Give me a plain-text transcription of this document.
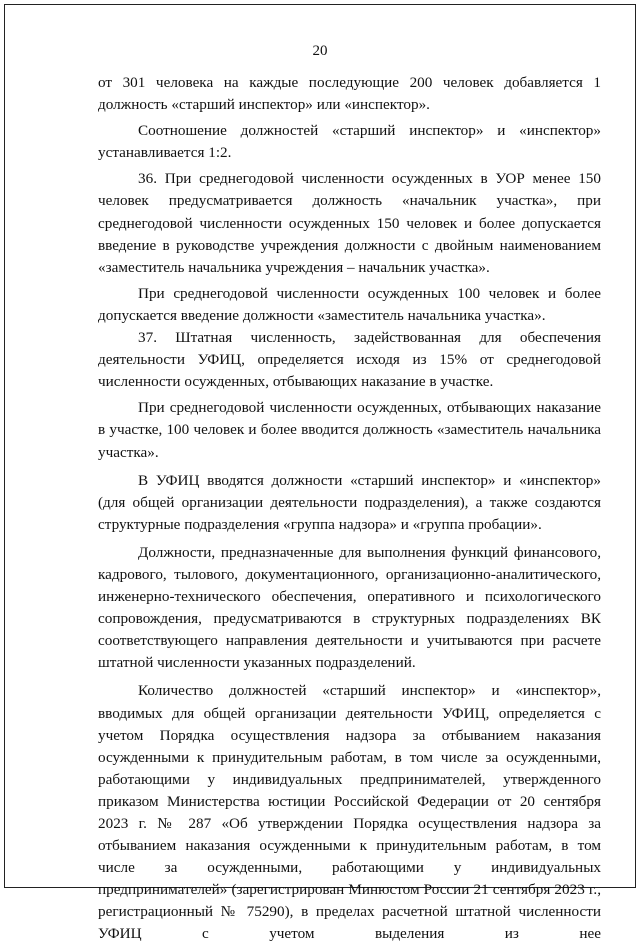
20

от 301 человека на каждые последующие 200 человек добавляется 1 должность «старший инспектор» или «инспектор».

Соотношение должностей «старший инспектор» и «инспектор» устанавливается 1:2.

36. При среднегодовой численности осужденных в УОР менее 150 человек предусматривается должность «начальник участка», при среднегодовой численности осужденных 150 человек и более допускается введение в руководстве учреждения должности с двойным наименованием «заместитель начальника учреждения – начальник участка».

При среднегодовой численности осужденных 100 человек и более допускается введение должности «заместитель начальника участка».

37. Штатная численность, задействованная для обеспечения деятельности УФИЦ, определяется исходя из 15% от среднегодовой численности осужденных, отбывающих наказание в участке.

При среднегодовой численности осужденных, отбывающих наказание в участке, 100 человек и более вводится должность «заместитель начальника участка».

В УФИЦ вводятся должности «старший инспектор» и «инспектор» (для общей организации деятельности подразделения), а также создаются структурные подразделения «группа надзора» и «группа пробации».

Должности, предназначенные для выполнения функций финансового, кадрового, тылового, документационного, организационно-аналитического, инженерно-технического обеспечения, оперативного и психологического сопровождения, предусматриваются в структурных подразделениях ВК соответствующего направления деятельности и учитываются при расчете штатной численности указанных подразделений.

Количество должностей «старший инспектор» и «инспектор», вводимых для общей организации деятельности УФИЦ, определяется с учетом Порядка осуществления надзора за отбыванием наказания осужденными к принудительным работам, в том числе за осужденными, работающими у индивидуальных предпринимателей, утвержденного приказом Министерства юстиции Российской Федерации от 20 сентября 2023 г. № 287 «Об утверждении Порядка осуществления надзора за отбыванием наказания осужденными к принудительным работам, в том числе за осужденными, работающими у индивидуальных предпринимателей» (зарегистрирован Минюстом России 21 сентября 2023 г., регистрационный № 75290), в пределах расчетной штатной численности УФИЦ с учетом выделения из нее
